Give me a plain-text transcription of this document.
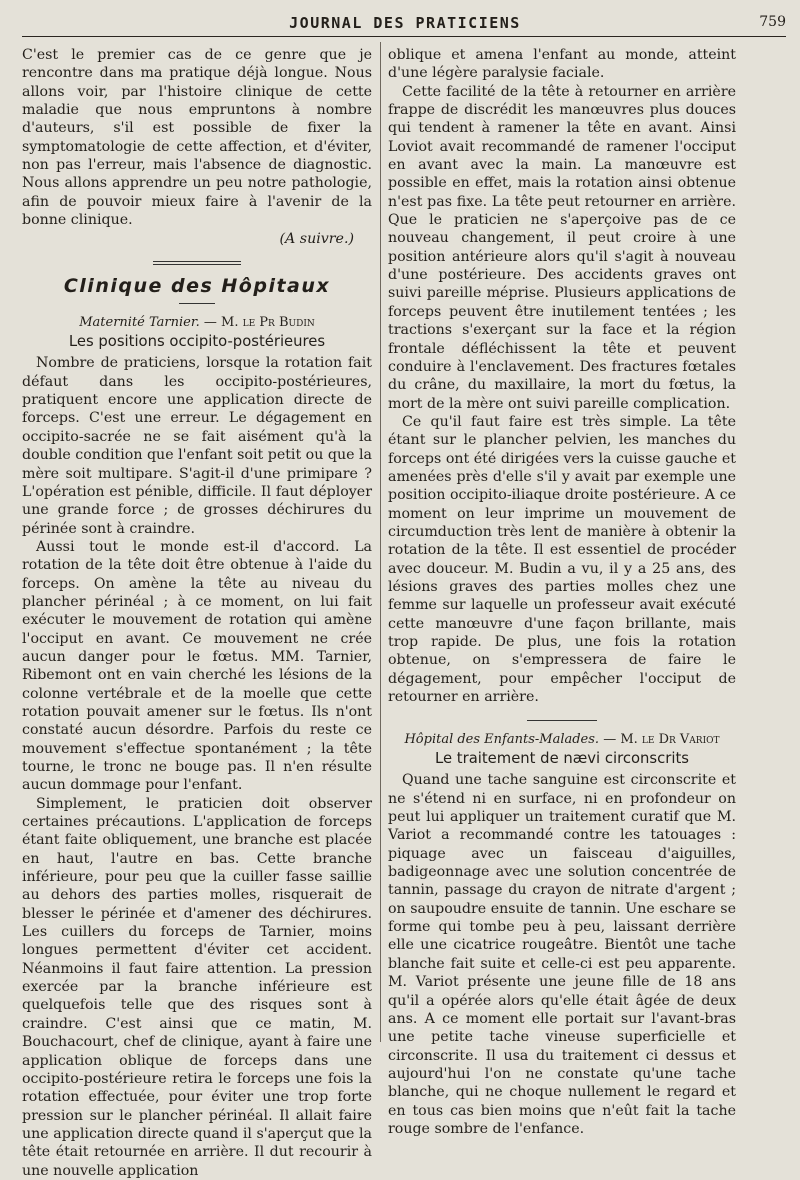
JOURNAL DES PRATICIENS	759

C'est le premier cas de ce genre que je rencontre dans ma pratique déjà longue. Nous allons voir, par l'histoire clinique de cette maladie que nous empruntons à nombre d'auteurs, s'il est possible de fixer la symptomatologie de cette affection, et d'éviter, non pas l'erreur, mais l'absence de diagnostic. Nous allons apprendre un peu notre pathologie, afin de pouvoir mieux faire à l'avenir de la bonne clinique.

(A suivre.)
Clinique des Hôpitaux
Maternité Tarnier. — M. le Pr Budin
Les positions occipito-postérieures

Nombre de praticiens, lorsque la rotation fait défaut dans les occipito-postérieures, pratiquent encore une application directe de forceps. C'est une erreur. Le dégagement en occipito-sacrée ne se fait aisément qu'à la double condition que l'enfant soit petit ou que la mère soit multipare. S'agit-il d'une primipare ? L'opération est pénible, difficile. Il faut déployer une grande force ; de grosses déchirures du périnée sont à craindre.

Aussi tout le monde est-il d'accord. La rotation de la tête doit être obtenue à l'aide du forceps. On amène la tête au niveau du plancher périnéal ; à ce moment, on lui fait exécuter le mouvement de rotation qui amène l'occiput en avant. Ce mouvement ne crée aucun danger pour le fœtus. MM. Tarnier, Ribemont ont en vain cherché les lésions de la colonne vertébrale et de la moelle que cette rotation pouvait amener sur le fœtus. Ils n'ont constaté aucun désordre. Parfois du reste ce mouvement s'effectue spontanément ; la tête tourne, le tronc ne bouge pas. Il n'en résulte aucun dommage pour l'enfant.

Simplement, le praticien doit observer certaines précautions. L'application de forceps étant faite obliquement, une branche est placée en haut, l'autre en bas. Cette branche inférieure, pour peu que la cuiller fasse saillie au dehors des parties molles, risquerait de blesser le périnée et d'amener des déchirures. Les cuillers du forceps de Tarnier, moins longues permettent d'éviter cet accident. Néanmoins il faut faire attention. La pression exercée par la branche inférieure est quelquefois telle que des risques sont à craindre. C'est ainsi que ce matin, M. Bouchacourt, chef de clinique, ayant à faire une application oblique de forceps dans une occipito-postérieure retira le forceps une fois la rotation effectuée, pour éviter une trop forte pression sur le plancher périnéal. Il allait faire une application directe quand il s'aperçut que la tête était retournée en arrière. Il dut recourir à une nouvelle application

oblique et amena l'enfant au monde, atteint d'une légère paralysie faciale.

Cette facilité de la tête à retourner en arrière frappe de discrédit les manœuvres plus douces qui tendent à ramener la tête en avant. Ainsi Loviot avait recommandé de ramener l'occiput en avant avec la main. La manœuvre est possible en effet, mais la rotation ainsi obtenue n'est pas fixe. La tête peut retourner en arrière. Que le praticien ne s'aperçoive pas de ce nouveau changement, il peut croire à une position antérieure alors qu'il s'agit à nouveau d'une postérieure. Des accidents graves ont suivi pareille méprise. Plusieurs applications de forceps peuvent être inutilement tentées ; les tractions s'exerçant sur la face et la région frontale défléchissent la tête et peuvent conduire à l'enclavement. Des fractures fœtales du crâne, du maxillaire, la mort du fœtus, la mort de la mère ont suivi pareille complication.

Ce qu'il faut faire est très simple. La tête étant sur le plancher pelvien, les manches du forceps ont été dirigées vers la cuisse gauche et amenées près d'elle s'il y avait par exemple une position occipito-iliaque droite postérieure. A ce moment on leur imprime un mouvement de circumduction très lent de manière à obtenir la rotation de la tête. Il est essentiel de procéder avec douceur. M. Budin a vu, il y a 25 ans, des lésions graves des parties molles chez une femme sur laquelle un professeur avait exécuté cette manœuvre d'une façon brillante, mais trop rapide. De plus, une fois la rotation obtenue, on s'empressera de faire le dégagement, pour empêcher l'occiput de retourner en arrière.

Hôpital des Enfants-Malades. — M. le Dr Variot
Le traitement de nævi circonscrits

Quand une tache sanguine est circonscrite et ne s'étend ni en surface, ni en profondeur on peut lui appliquer un traitement curatif que M. Variot a recommandé contre les tatouages : piquage avec un faisceau d'aiguilles, badigeonnage avec une solution concentrée de tannin, passage du crayon de nitrate d'argent ; on saupoudre ensuite de tannin. Une eschare se forme qui tombe peu à peu, laissant derrière elle une cicatrice rougeâtre. Bientôt une tache blanche fait suite et celle-ci est peu apparente. M. Variot présente une jeune fille de 18 ans qu'il a opérée alors qu'elle était âgée de deux ans. A ce moment elle portait sur l'avant-bras une petite tache vineuse superficielle et circonscrite. Il usa du traitement ci dessus et aujourd'hui l'on ne constate qu'une tache blanche, qui ne choque nullement le regard et en tous cas bien moins que n'eût fait la tache rouge sombre de l'enfance.
